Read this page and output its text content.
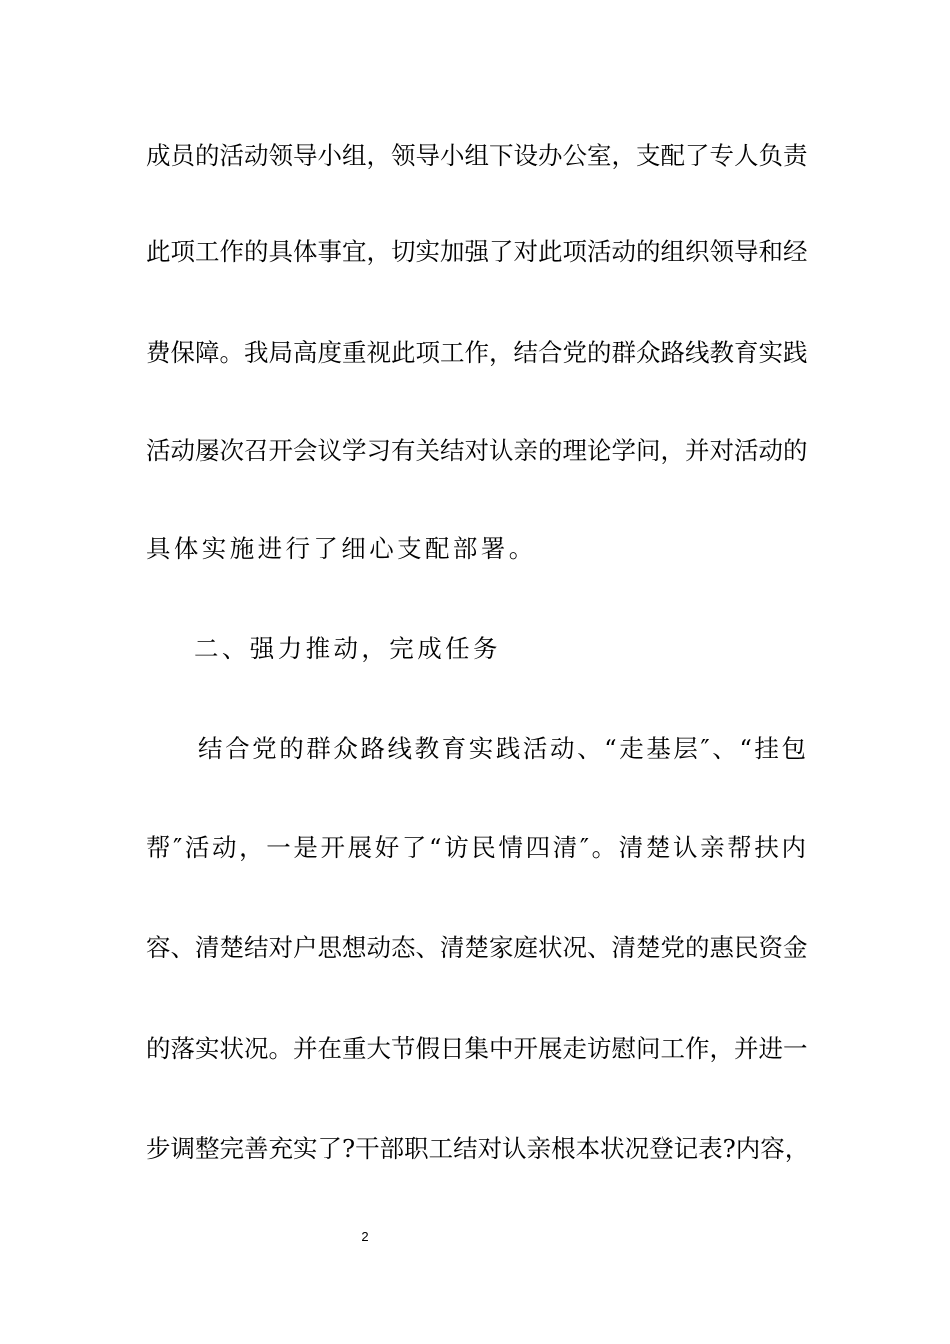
成员的活动领导小组，领导小组下设办公室，支配了专人负责
此项工作的具体事宜，切实加强了对此项活动的组织领导和经
费保障。我局高度重视此项工作，结合党的群众路线教育实践
活动屡次召开会议学习有关结对认亲的理论学问，并对活动的
具体实施进行了细心支配部署。
二、强力推动，完成任务
结合党的群众路线教育实践活动、“走基层″、“挂包
帮″活动，一是开展好了“访民情四清″。清楚认亲帮扶内
容、清楚结对户思想动态、清楚家庭状况、清楚党的惠民资金
的落实状况。并在重大节假日集中开展走访慰问工作，并进一
步调整完善充实了?干部职工结对认亲根本状况登记表?内容，
2
